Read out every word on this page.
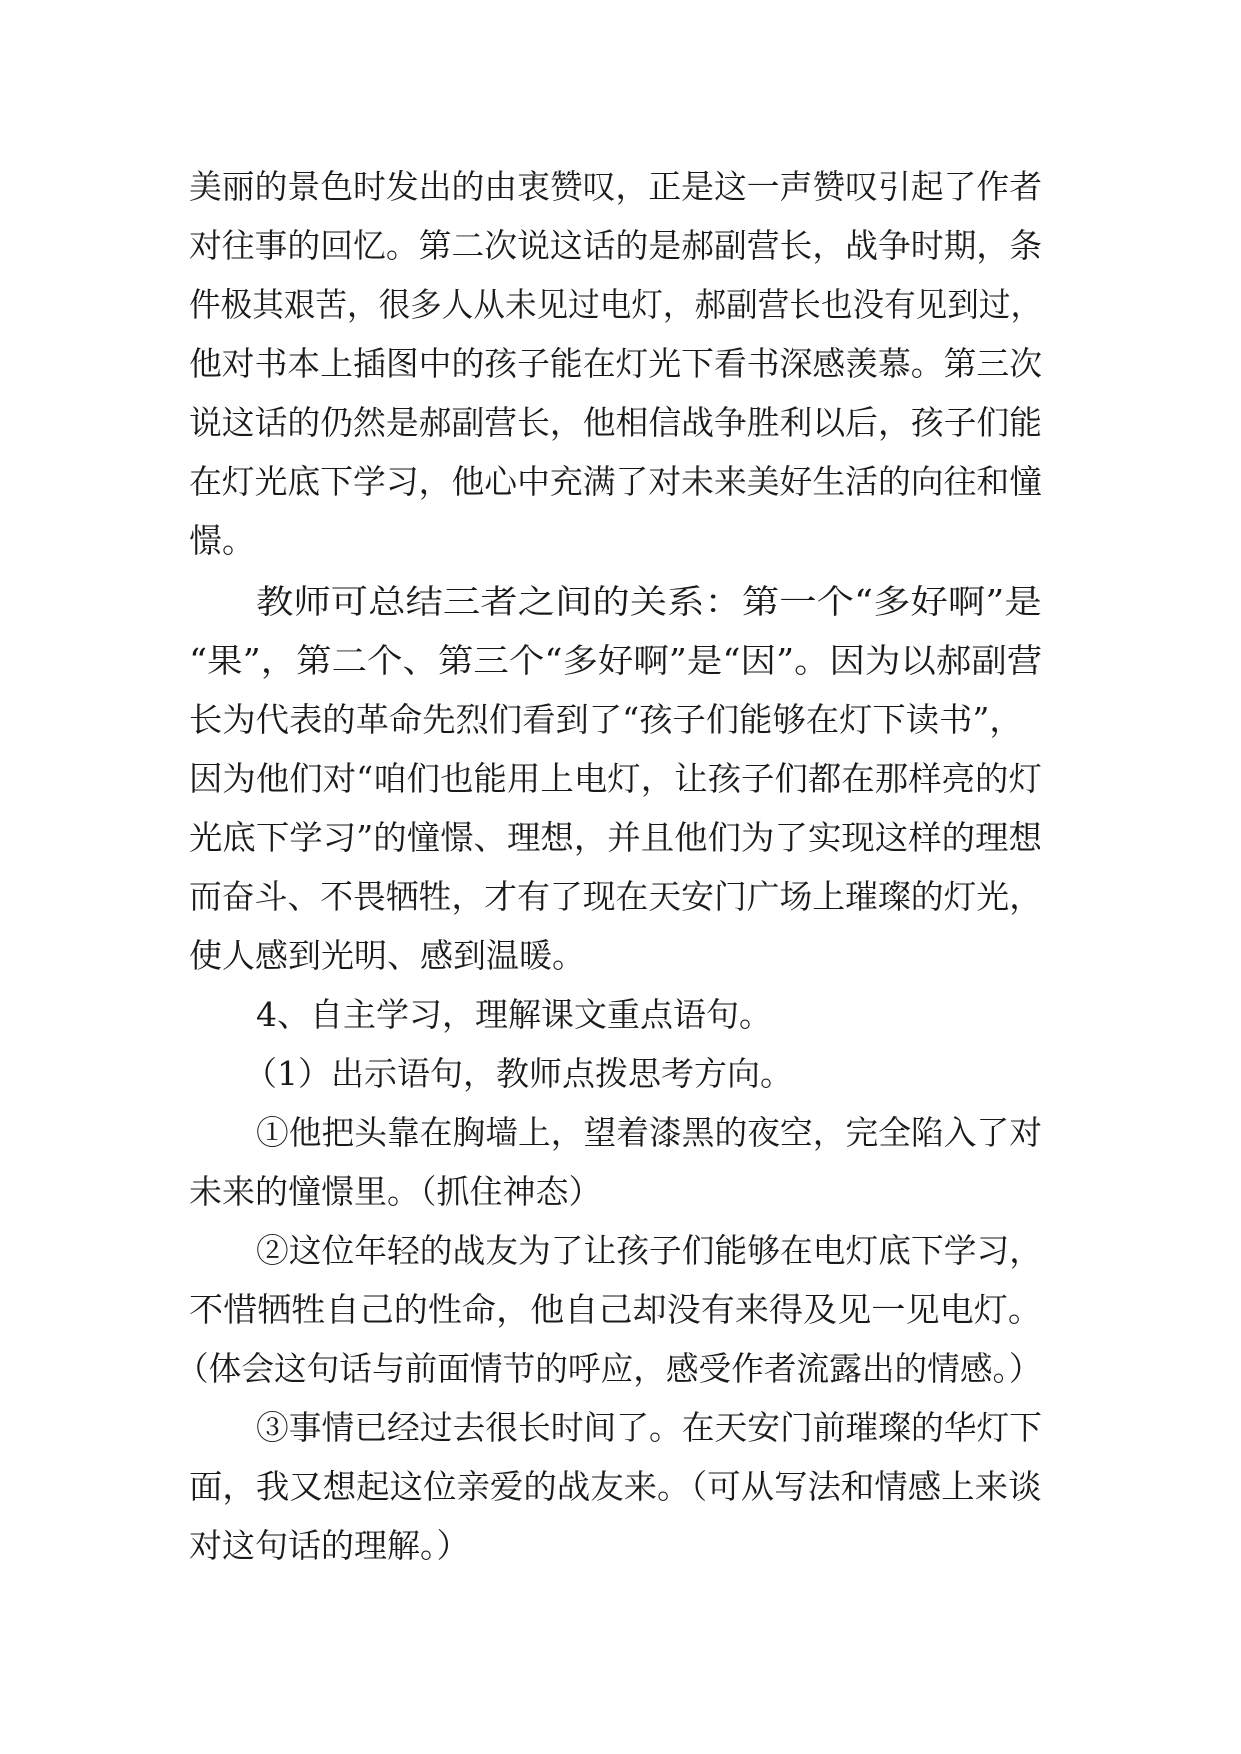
美丽的景色时发出的由衷赞叹，正是这一声赞叹引起了作者
对往事的回忆。第二次说这话的是郝副营长，战争时期，条
件极其艰苦，很多人从未见过电灯，郝副营长也没有见到过，
他对书本上插图中的孩子能在灯光下看书深感羡慕。第三次
说这话的仍然是郝副营长，他相信战争胜利以后，孩子们能
在灯光底下学习，他心中充满了对未来美好生活的向往和憧
憬。
教师可总结三者之间的关系：第一个“多好啊”是
“果”，第二个、第三个“多好啊”是“因”。因为以郝副营
长为代表的革命先烈们看到了“孩子们能够在灯下读书”，
因为他们对“咱们也能用上电灯，让孩子们都在那样亮的灯
光底下学习”的憧憬、理想，并且他们为了实现这样的理想
而奋斗、不畏牺牲，才有了现在天安门广场上璀璨的灯光，
使人感到光明、感到温暖。
4、自主学习，理解课文重点语句。
（1）出示语句，教师点拨思考方向。
①他把头靠在胸墙上，望着漆黑的夜空，完全陷入了对
未来的憧憬里。（抓住神态）
②这位年轻的战友为了让孩子们能够在电灯底下学习，
不惜牺牲自己的性命，他自己却没有来得及见一见电灯。
（体会这句话与前面情节的呼应，感受作者流露出的情感。）
③事情已经过去很长时间了。在天安门前璀璨的华灯下
面，我又想起这位亲爱的战友来。（可从写法和情感上来谈
对这句话的理解。）
